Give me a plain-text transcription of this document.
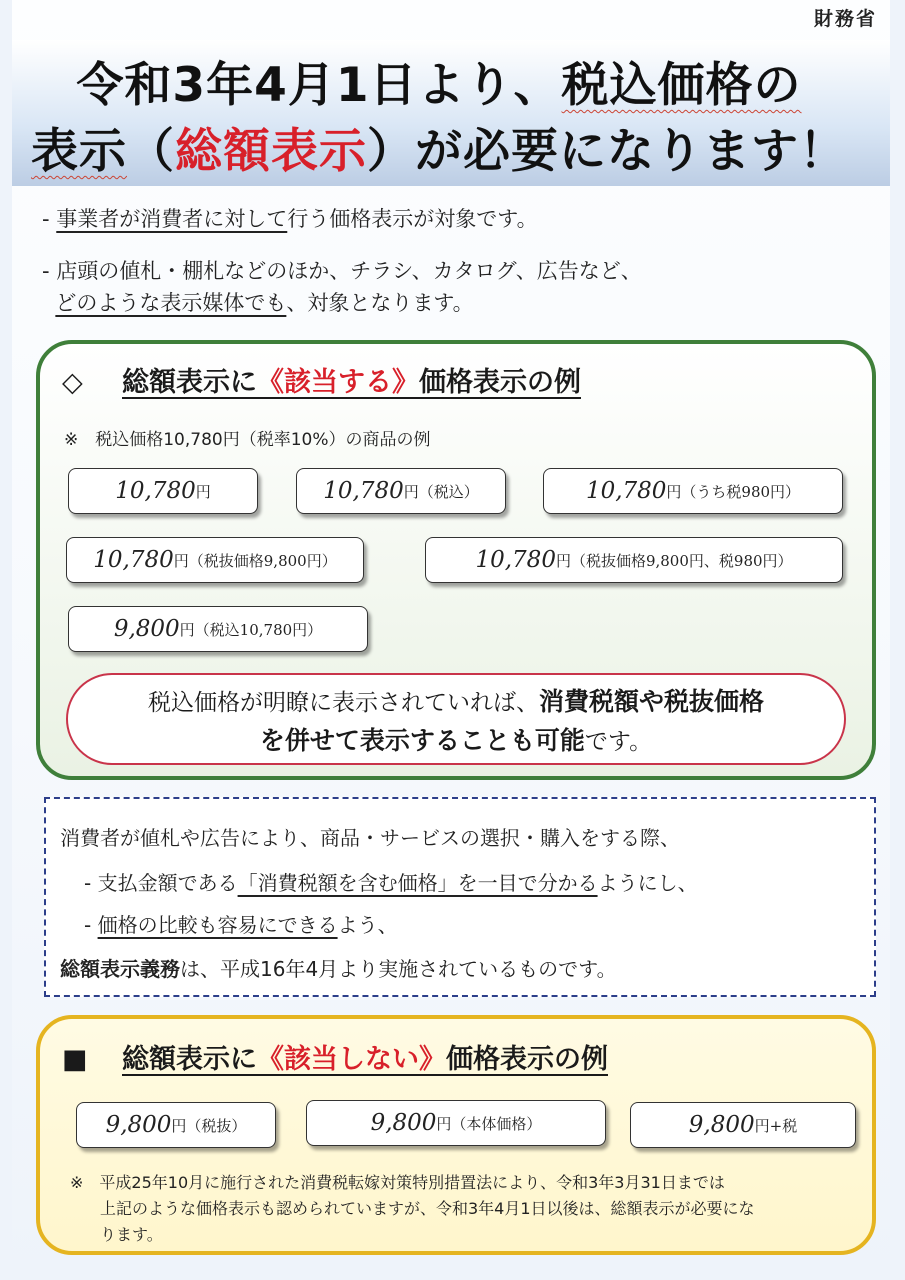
財務省
令和3年4月1日より、税込価格の
表示（総額表示）が必要になります！
- 事業者が消費者に対して行う価格表示が対象です。
- 店頭の値札・棚札などのほか、チラシ、カタログ、広告など、
どのような表示媒体でも、対象となります。
◇ 総額表示に《該当する》価格表示の例
※　税込価格10,780円（税率10%）の商品の例
10,780 円	10,780 円（税込）	10,780 円（うち税980円）
10,780 円（税抜価格9,800円）	10,780 円（税抜価格9,800円、税980円）
9,800 円（税込10,780円）
税込価格が明瞭に表示されていれば、消費税額や税抜価格
を併せて表示することも可能です。
消費者が値札や広告により、商品・サービスの選択・購入をする際、
- 支払金額である「消費税額を含む価格」を一目で分かるようにし、
- 価格の比較も容易にできるよう、
総額表示義務は、平成16年4月より実施されているものです。
■ 総額表示に《該当しない》価格表示の例
9,800 円（税抜）	9,800 円（本体価格）	9,800 円+税
※　平成25年10月に施行された消費税転嫁対策特別措置法により、令和3年3月31日までは
上記のような価格表示も認められていますが、令和3年4月1日以後は、総額表示が必要にな
ります。
